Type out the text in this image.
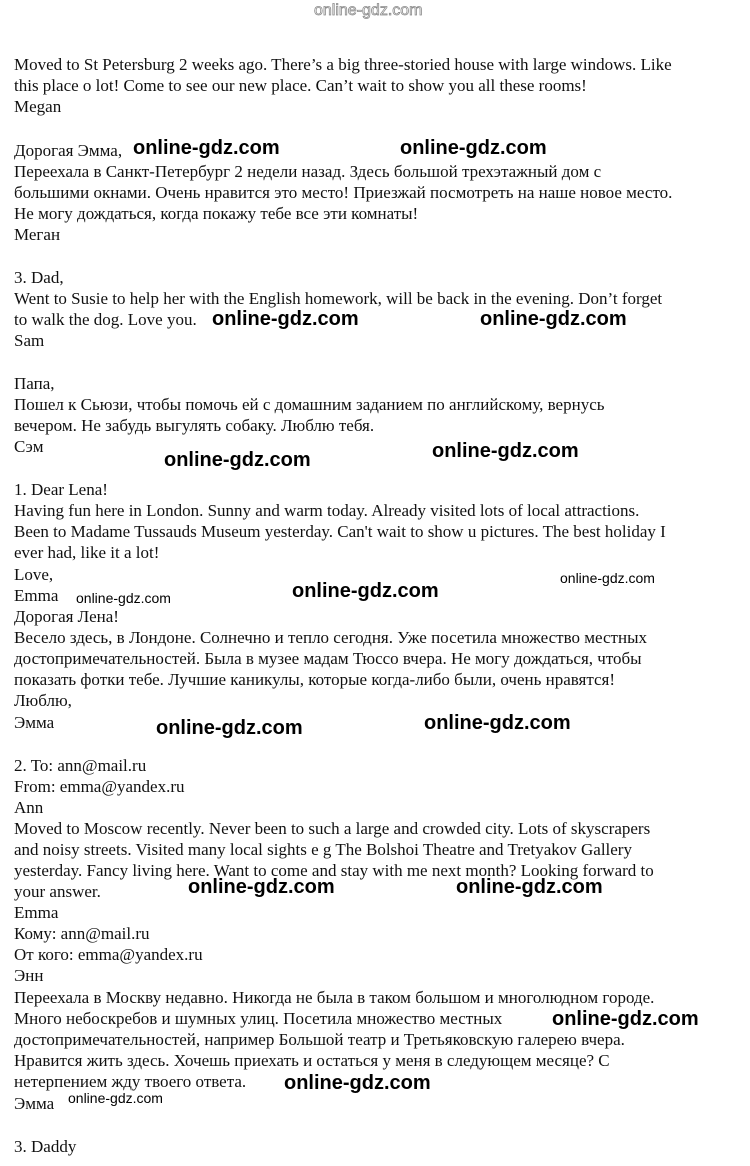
online-gdz.com
Moved to St Petersburg 2 weeks ago. There’s a big three-storied house with large windows. Like
this place o lot! Come to see our new place. Can’t wait to show you all these rooms!
Megan
Дорогая Эмма,
Переехала в Санкт-Петербург 2 недели назад. Здесь большой трехэтажный дом с
большими окнами. Очень нравится это место! Приезжай посмотреть на наше новое место.
Не могу дождаться, когда покажу тебе все эти комнаты!
Меган
3. Dad,
Went to Susie to help her with the English homework, will be back in the evening. Don’t forget
to walk the dog. Love you.
Sam
Папа,
Пошел к Сьюзи, чтобы помочь ей с домашним заданием по английскому, вернусь
вечером. Не забудь выгулять собаку. Люблю тебя.
Сэм
1. Dear Lena!
Having fun here in London. Sunny and warm today. Already visited lots of local attractions.
Been to Madame Tussauds Museum yesterday. Can't wait to show u pictures. The best holiday I
ever had, like it a lot!
Love,
Emma
Дорогая Лена!
Весело здесь, в Лондоне. Солнечно и тепло сегодня. Уже посетила множество местных
достопримечательностей. Была в музее мадам Тюссо вчера. Не могу дождаться, чтобы
показать фотки тебе. Лучшие каникулы, которые когда-либо были, очень нравятся!
Люблю,
Эмма
2. To: ann@mail.ru
From: emma@yandex.ru
Ann
Moved to Moscow recently. Never been to such a large and crowded city. Lots of skyscrapers
and noisy streets. Visited many local sights e g The Bolshoi Theatre and Tretyakov Gallery
yesterday. Fancy living here. Want to come and stay with me next month? Looking forward to
your answer.
Emma
Кому: ann@mail.ru
От кого: emma@yandex.ru
Энн
Переехала в Москву недавно. Никогда не была в таком большом и многолюдном городе.
Много небоскребов и шумных улиц. Посетила множество местных
достопримечательностей, например Большой театр и Третьяковскую галерею вчера.
Нравится жить здесь. Хочешь приехать и остаться у меня в следующем месяце? С
нетерпением жду твоего ответа.
Эмма
3. Daddy
online-gdz.com	online-gdz.com
online-gdz.com	online-gdz.com
online-gdz.com	online-gdz.com
online-gdz.com
online-gdz.com	online-gdz.com
online-gdz.com	online-gdz.com
online-gdz.com
online-gdz.com
online-gdz.com
online-gdz.com
online-gdz.com
